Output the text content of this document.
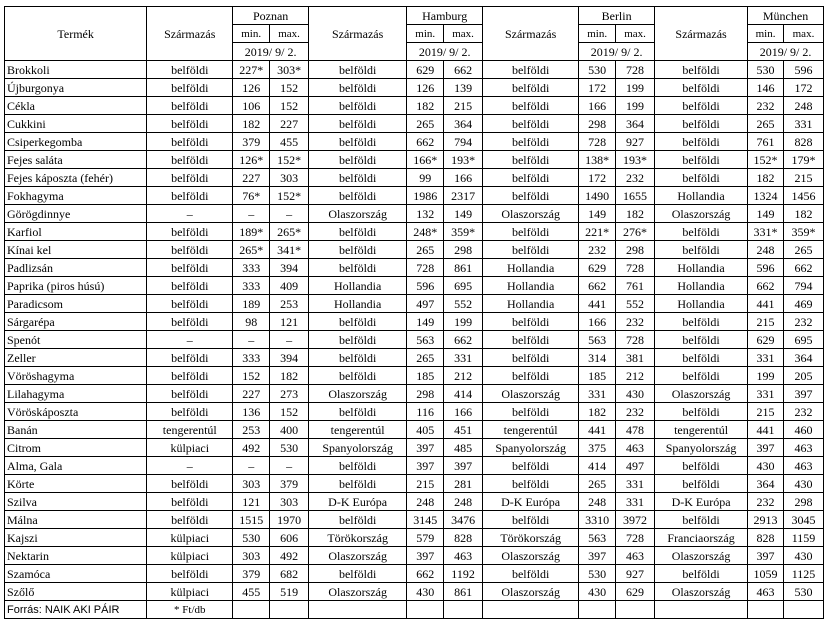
Termék	Származás	Poznan		Származás	Hamburg		Származás	Berlin		Származás	München	
		min.	max.		min.	max.		min.	max.		min.	max.
		2019/ 9/ 2.			2019/ 9/ 2.			2019/ 9/ 2.			2019/ 9/ 2.	
Brokkoli	belföldi	227*	303*	belföldi	629	662	belföldi	530	728	belföldi	530	596
Újburgonya	belföldi	126	152	belföldi	126	139	belföldi	172	199	belföldi	146	172
Cékla	belföldi	106	152	belföldi	182	215	belföldi	166	199	belföldi	232	248
Cukkini	belföldi	182	227	belföldi	265	364	belföldi	298	364	belföldi	265	331
Csiperkegomba	belföldi	379	455	belföldi	662	794	belföldi	728	927	belföldi	761	828
Fejes saláta	belföldi	126*	152*	belföldi	166*	193*	belföldi	138*	193*	belföldi	152*	179*
Fejes káposzta (fehér)	belföldi	227	303	belföldi	99	166	belföldi	172	232	belföldi	182	215
Fokhagyma	belföldi	76*	152*	belföldi	1986	2317	belföldi	1490	1655	Hollandia	1324	1456
Görögdinnye	–	–	–	Olaszország	132	149	Olaszország	149	182	Olaszország	149	182
Karfiol	belföldi	189*	265*	belföldi	248*	359*	belföldi	221*	276*	belföldi	331*	359*
Kínai kel	belföldi	265*	341*	belföldi	265	298	belföldi	232	298	belföldi	248	265
Padlizsán	belföldi	333	394	belföldi	728	861	Hollandia	629	728	Hollandia	596	662
Paprika (piros húsú)	belföldi	333	409	Hollandia	596	695	Hollandia	662	761	Hollandia	662	794
Paradicsom	belföldi	189	253	Hollandia	497	552	Hollandia	441	552	Hollandia	441	469
Sárgarépa	belföldi	98	121	belföldi	149	199	belföldi	166	232	belföldi	215	232
Spenót	–	–	–	belföldi	563	662	belföldi	563	728	belföldi	629	695
Zeller	belföldi	333	394	belföldi	265	331	belföldi	314	381	belföldi	331	364
Vöröshagyma	belföldi	152	182	belföldi	185	212	belföldi	185	212	belföldi	199	205
Lilahagyma	belföldi	227	273	Olaszország	298	414	Olaszország	331	430	Olaszország	331	397
Vöröskáposzta	belföldi	136	152	belföldi	116	166	belföldi	182	232	belföldi	215	232
Banán	tengerentúl	253	400	tengerentúl	405	451	tengerentúl	441	478	tengerentúl	441	460
Citrom	külpiaci	492	530	Spanyolország	397	485	Spanyolország	375	463	Spanyolország	397	463
Alma, Gala	–	–	–	belföldi	397	397	belföldi	414	497	belföldi	430	463
Körte	belföldi	303	379	belföldi	215	281	belföldi	265	331	belföldi	364	430
Szilva	belföldi	121	303	D-K Európa	248	248	D-K Európa	248	331	D-K Európa	232	298
Málna	belföldi	1515	1970	belföldi	3145	3476	belföldi	3310	3972	belföldi	2913	3045
Kajszi	külpiaci	530	606	Törökország	579	828	Törökország	563	728	Franciaország	828	1159
Nektarin	külpiaci	303	492	Olaszország	397	463	Olaszország	397	463	Olaszország	397	430
Szamóca	belföldi	379	682	belföldi	662	1192	belföldi	530	927	belföldi	1059	1125
Szőlő	külpiaci	455	519	Olaszország	430	861	Olaszország	430	629	Olaszország	463	530
Forrás: NAIK AKI PÁIR	* Ft/db											
